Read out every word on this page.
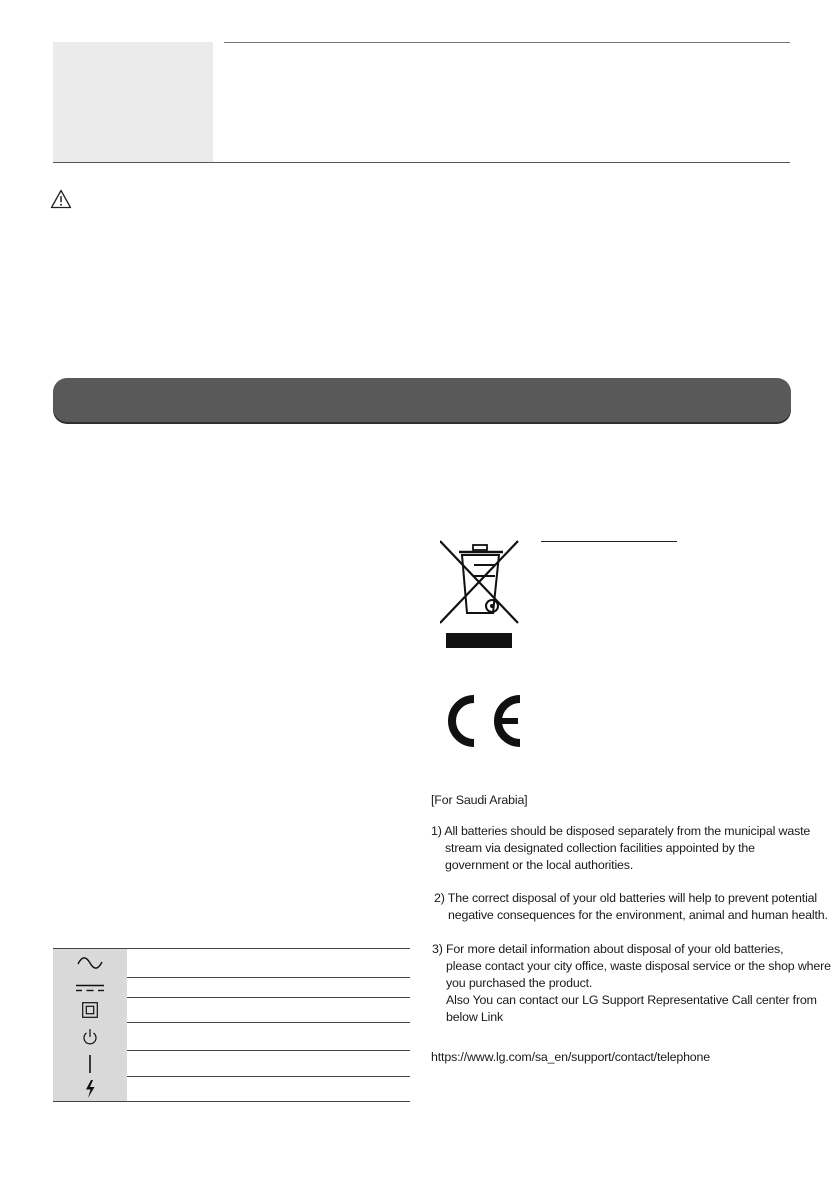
[For Saudi Arabia]
1) All batteries should be disposed separately from the municipal waste
stream via designated collection facilities appointed by the
government or the local authorities.
2) The correct disposal of your old batteries will help to prevent potential
negative consequences for the environment, animal and human health.
3) For more detail information about disposal of your old batteries,
please contact your city office, waste disposal service or the shop where
you purchased the product.
Also You can contact our LG Support Representative Call center from
below Link
https://www.lg.com/sa_en/support/contact/telephone
